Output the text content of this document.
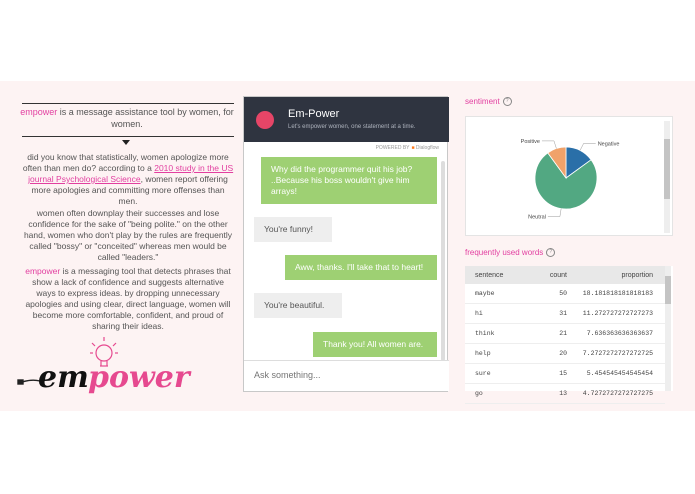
empower is a message assistance tool by women, for women.
did you know that statistically, women apologize more often than men do? according to a 2010 study in the US journal Psychological Science, women report offering more apologies and committing more offenses than men.
women often downplay their successes and lose confidence for the sake of "being polite." on the other hand, women who don't play by the rules are frequently called "bossy" or "conceited" whereas men would be called "leaders."
empower is a messaging tool that detects phrases that show a lack of confidence and suggests alternative ways to express ideas. by dropping unnecessary apologies and using clear, direct language, women will become more comfortable, confident, and proud of sharing their ideas.
em power
Em-Power
Let's empower women, one statement at a time.
POWERED BY ■ Dialogflow
Why did the programmer quit his job? ..Because his boss wouldn't give him arrays!
You're funny!
Aww, thanks. I'll take that to heart!
You're beautiful.
Thank you! All women are.
Ask something...
sentiment ?
Negative
Neutral
Positive
frequently used words ?
sentence	count	proportion
maybe	50	18.181818181818183
hi	31	11.272727272727273
think	21	7.636363636363637
help	20	7.2727272727272725
sure	15	5.454545454545454
go	13	4.7272727272727275
